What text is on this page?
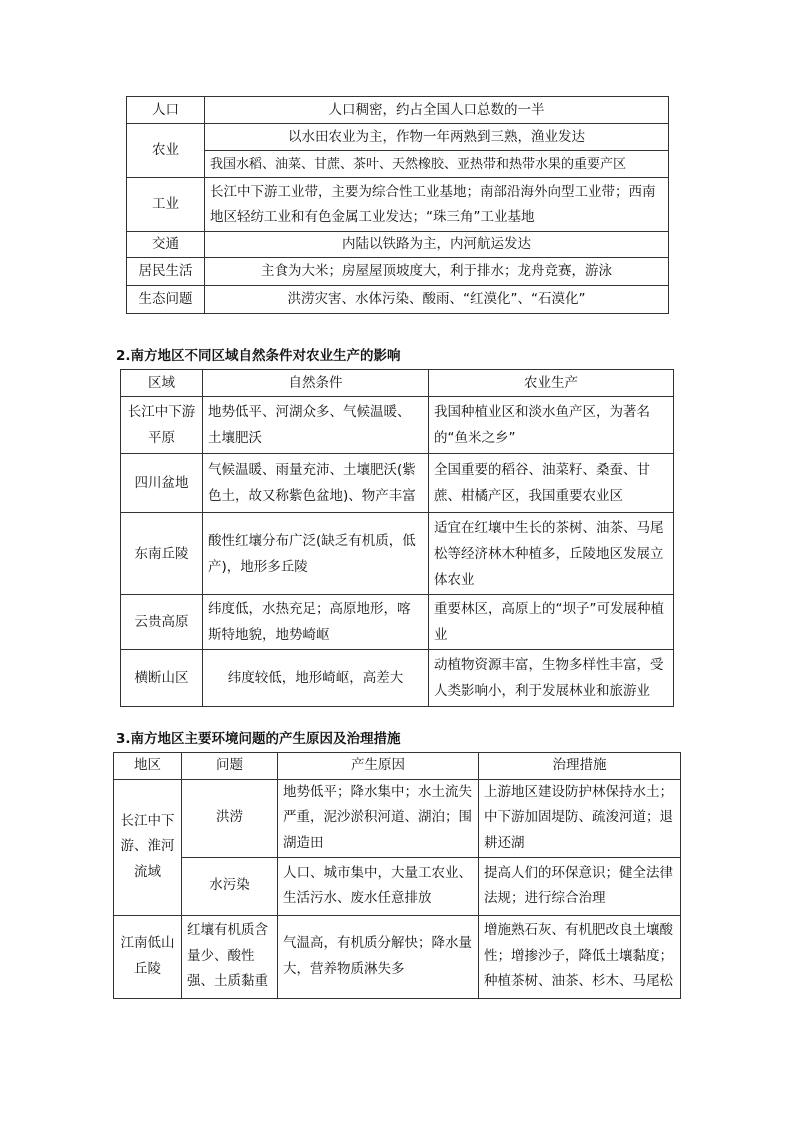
人口	人口稠密，约占全国人口总数的一半
农业	以水田农业为主，作物一年两熟到三熟，渔业发达
	我国水稻、油菜、甘蔗、茶叶、天然橡胶、亚热带和热带水果的重要产区
工业	长江中下游工业带，主要为综合性工业基地；南部沿海外向型工业带；西南地区轻纺工业和有色金属工业发达；“珠三角”工业基地
交通	内陆以铁路为主，内河航运发达
居民生活	主食为大米；房屋屋顶坡度大，利于排水；龙舟竞赛，游泳
生态问题	洪涝灾害、水体污染、酸雨、“红漠化”、“石漠化”
2.南方地区不同区域自然条件对农业生产的影响
区域	自然条件	农业生产
长江中下游平原	地势低平、河湖众多、气候温暖、土壤肥沃	我国种植业区和淡水鱼产区，为著名的“鱼米之乡”
四川盆地	气候温暖、雨量充沛、土壤肥沃(紫色土，故又称紫色盆地)、物产丰富	全国重要的稻谷、油菜籽、桑蚕、甘蔗、柑橘产区，我国重要农业区
东南丘陵	酸性红壤分布广泛(缺乏有机质，低产)，地形多丘陵	适宜在红壤中生长的茶树、油茶、马尾松等经济林木种植多，丘陵地区发展立体农业
云贵高原	纬度低，水热充足；高原地形，喀斯特地貌，地势崎岖	重要林区，高原上的“坝子”可发展种植业
横断山区	纬度较低，地形崎岖，高差大	动植物资源丰富，生物多样性丰富，受人类影响小，利于发展林业和旅游业
3.南方地区主要环境问题的产生原因及治理措施
地区	问题	产生原因	治理措施
长江中下游、淮河流域	洪涝	地势低平；降水集中；水土流失严重，泥沙淤积河道、湖泊；围湖造田	上游地区建设防护林保持水土；中下游加固堤防、疏浚河道；退耕还湖
	水污染	人口、城市集中，大量工农业、生活污水、废水任意排放	提高人们的环保意识；健全法律法规；进行综合治理
江南低山丘陵	红壤有机质含量少、酸性强、土质黏重	气温高，有机质分解快；降水量大，营养物质淋失多	增施熟石灰、有机肥改良土壤酸性；增掺沙子，降低土壤黏度；种植茶树、油茶、杉木、马尾松
